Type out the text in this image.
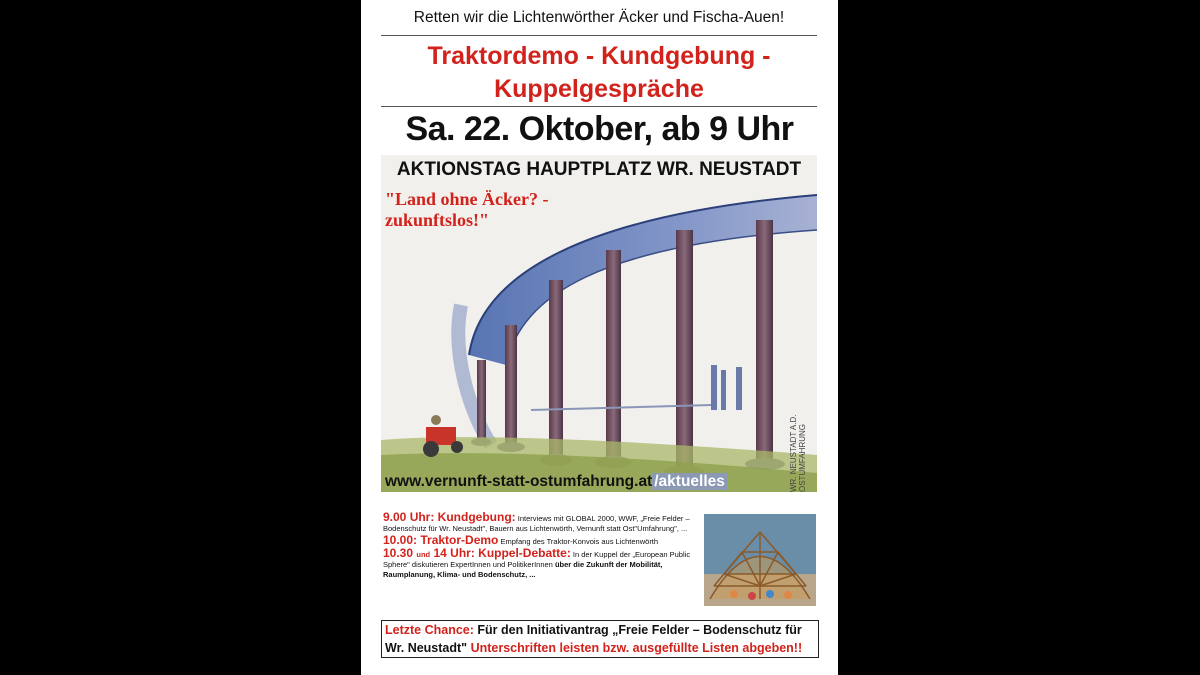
Retten wir die Lichtenwörther Äcker und Fischa-Auen!
Traktordemo - Kundgebung -
Kuppelgespräche
Sa. 22. Oktober, ab 9 Uhr
AKTIONSTAG HAUPTPLATZ WR. NEUSTADT
"Land ohne Äcker? -
zukunftslos!"
WR. NEUSTADT A.D. OSTUMFAHRUNG
www.vernunft-statt-ostumfahrung.at /aktuelles
9.00 Uhr: Kundgebung: Interviews mit GLOBAL 2000, WWF, „Freie Felder – Bodenschutz für Wr. Neustadt", Bauern aus Lichtenwörth, Vernunft statt Ost"Umfahrung", ...
10.00: Traktor-Demo Empfang des Traktor-Konvois aus Lichtenwörth
10.30 und 14 Uhr: Kuppel-Debatte: In der Kuppel der „European Public Sphere" diskutieren ExpertInnen und PolitikerInnen über die Zukunft der Mobilität, Raumplanung, Klima- und Bodenschutz, ...
Letzte Chance: Für den Initiativantrag „Freie Felder – Bodenschutz für Wr. Neustadt" Unterschriften leisten bzw. ausgefüllte Listen abgeben!!
